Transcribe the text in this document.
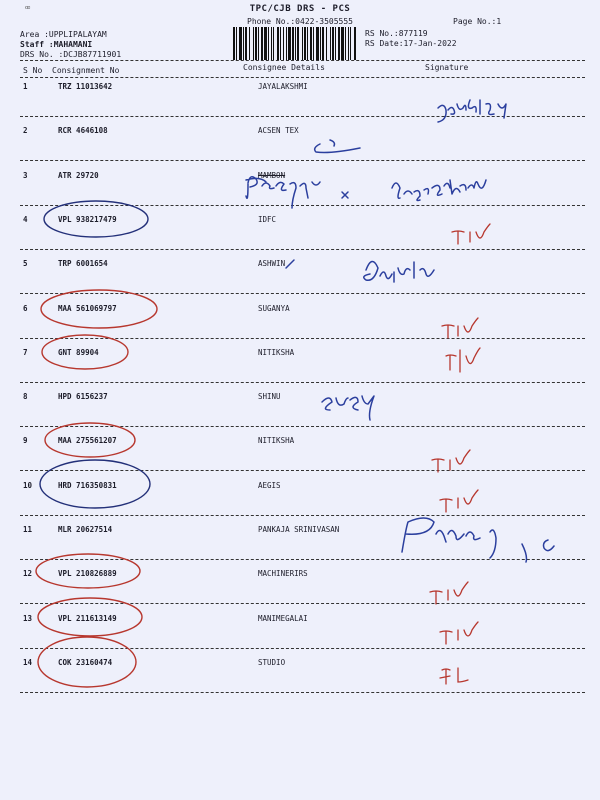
ꟹ	TPC/CJB DRS - PCS
Phone No.:0422-3505555	Page No.:1
Area :UPPLIPALAYAM
Staff :MAHAMANI
DRS No. :DCJB87711901
RS No.:877119
RS Date:17-Jan-2022
S No Consignment No	Consignee Details	Signature
1	TRZ 11013642	JAYALAKSHMI
2	RCR 4646108	ACSEN TEX
3	ATR 29720	MAMBON
4	VPL 938217479	IDFC
5	TRP 6001654	ASHWIN
6	MAA 561069797	SUGANYA
7	GNT 89904	NITIKSHA
8	HPD 6156237	SHINU
9	MAA 275561207	NITIKSHA
10	HRD 716350831	AEGIS
11	MLR 20627514	PANKAJA SRINIVASAN
12	VPL 210826889	MACHINERIRS
13	VPL 211613149	MANIMEGALAI
14	COK 23160474	STUDIO
